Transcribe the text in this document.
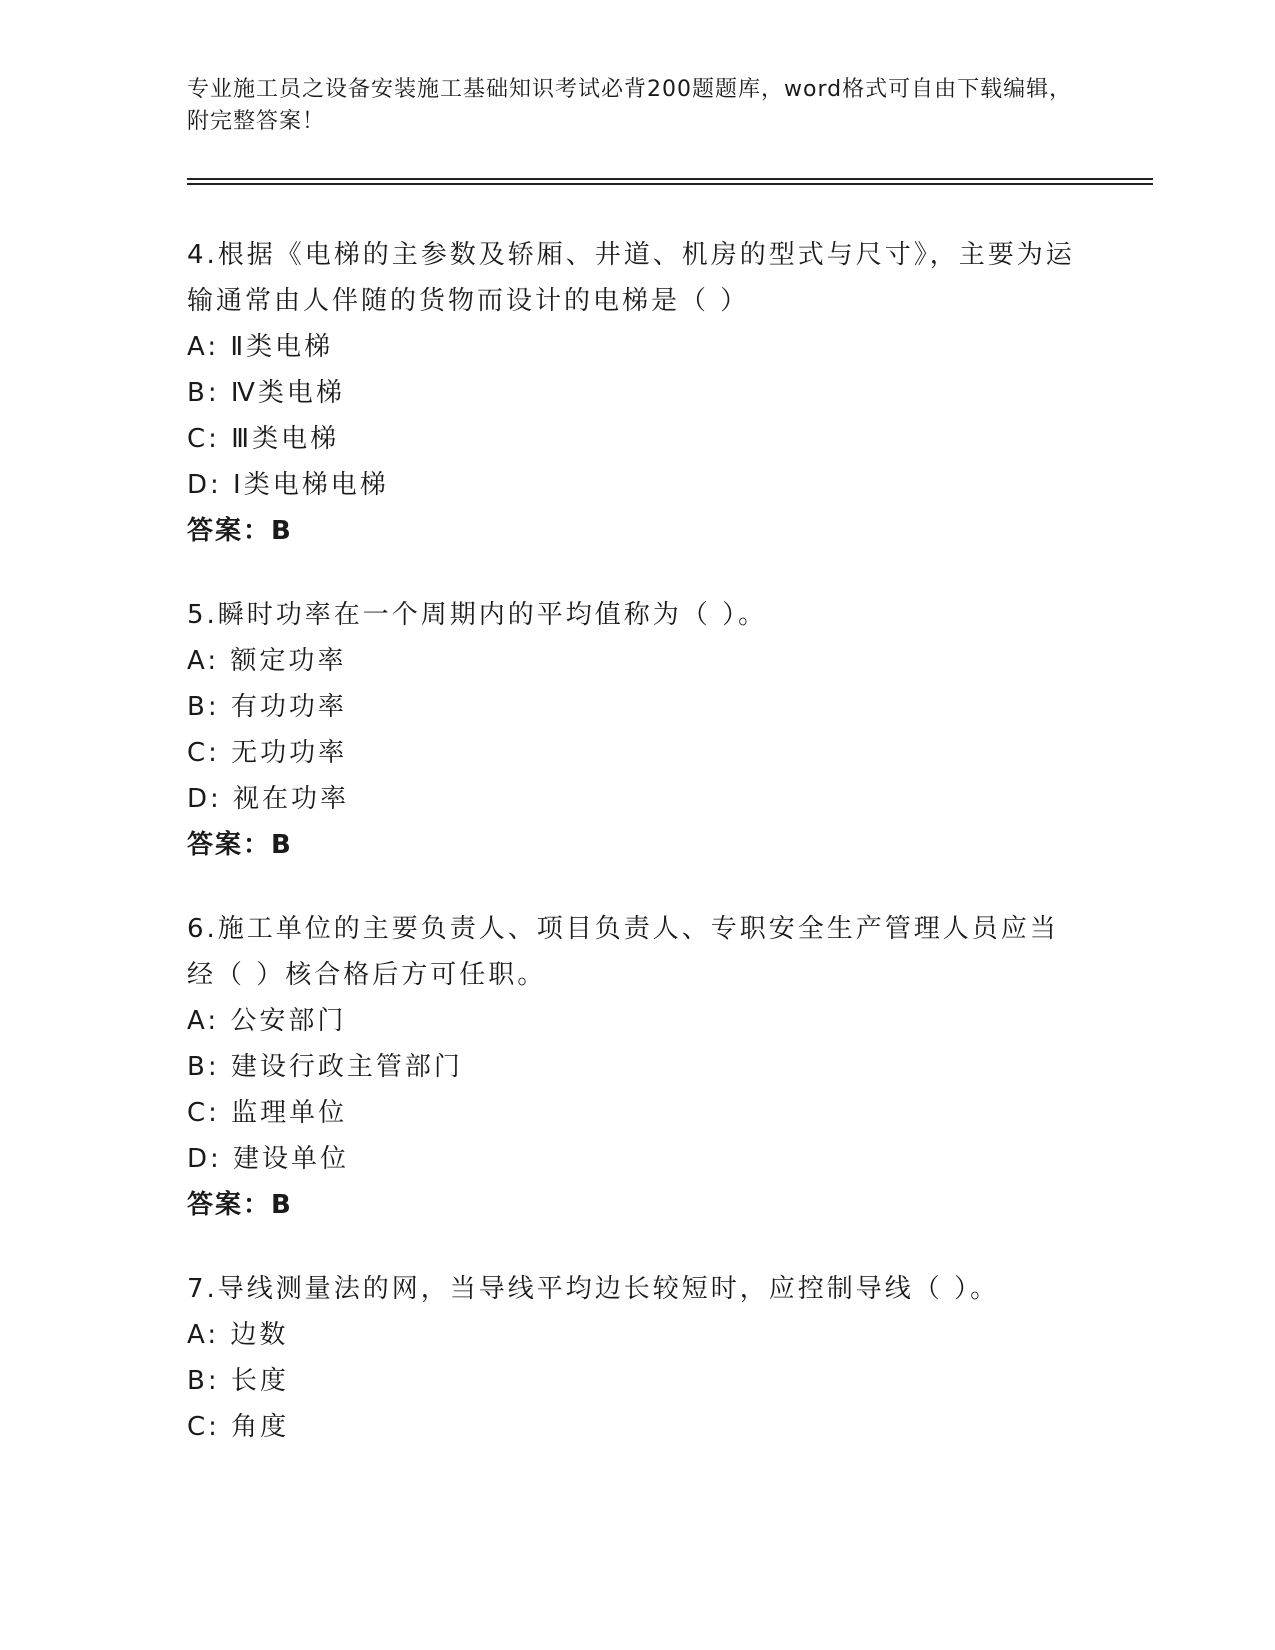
专业施工员之设备安装施工基础知识考试必背200题题库，word格式可自由下载编辑，附完整答案！
4.根据《电梯的主参数及轿厢、井道、机房的型式与尺寸》，主要为运输通常由人伴随的货物而设计的电梯是（ ）
A: Ⅱ类电梯
B: Ⅳ类电梯
C: Ⅲ类电梯
D: Ⅰ类电梯电梯
答案：B
5.瞬时功率在一个周期内的平均值称为（ ）。
A: 额定功率
B: 有功功率
C: 无功功率
D: 视在功率
答案：B
6.施工单位的主要负责人、项目负责人、专职安全生产管理人员应当经（ ）核合格后方可任职。
A: 公安部门
B: 建设行政主管部门
C: 监理单位
D: 建设单位
答案：B
7.导线测量法的网，当导线平均边长较短时，应控制导线（ ）。
A: 边数
B: 长度
C: 角度
